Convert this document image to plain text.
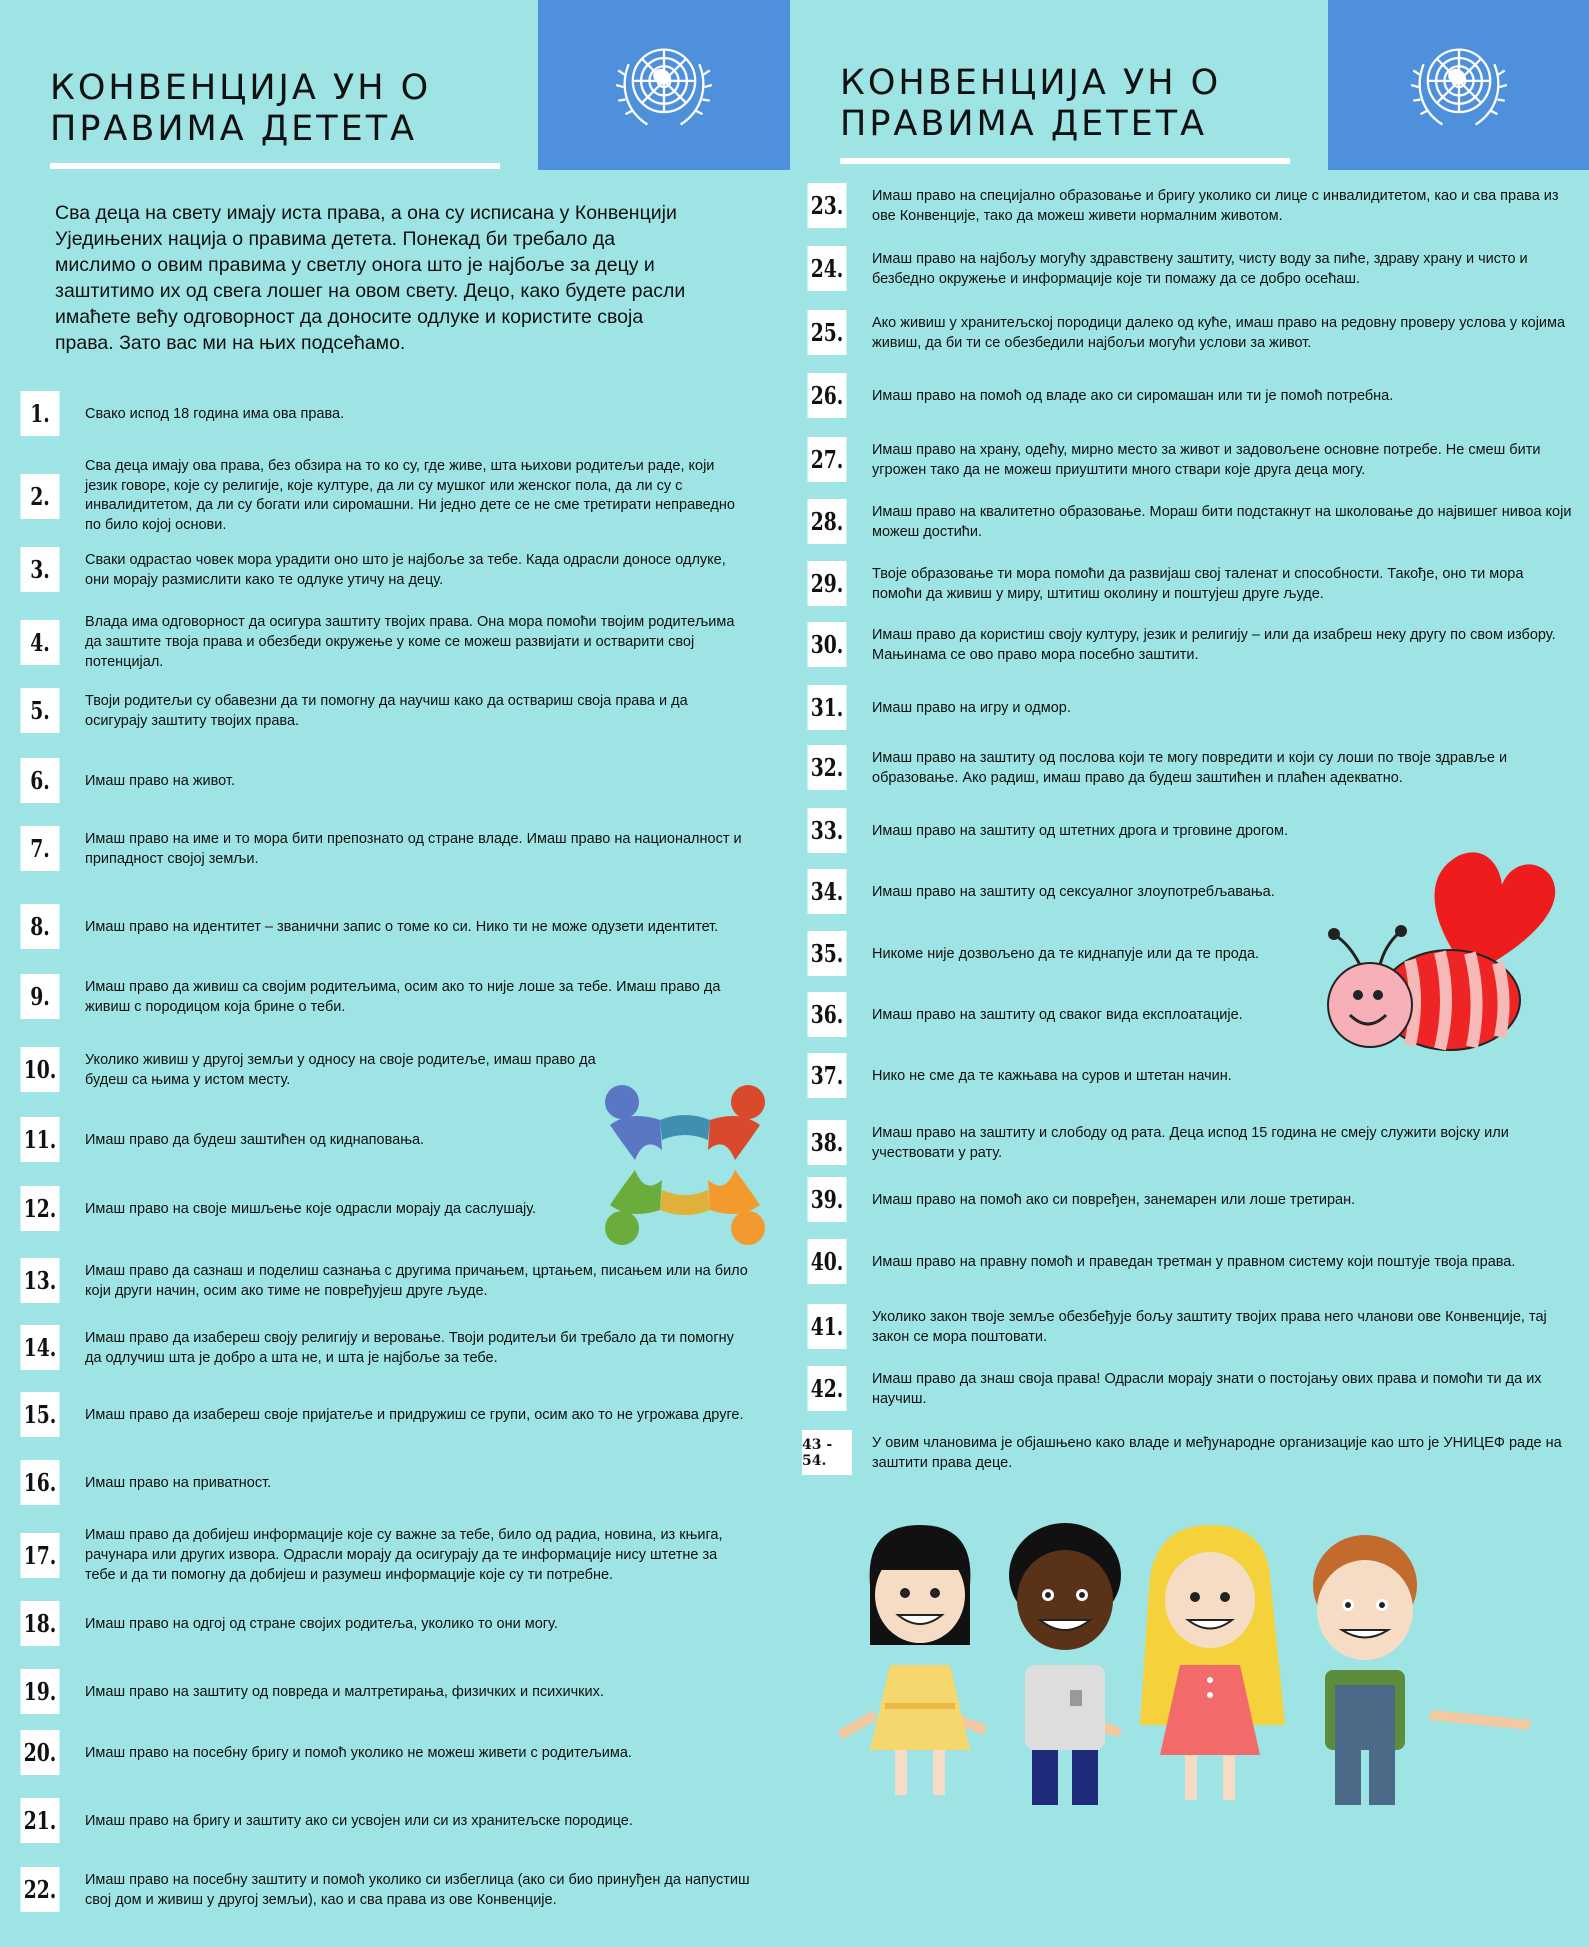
КОНВЕНЦИЈА УН О
ПРАВИМА ДЕТЕТА
Сва деца на свету имају иста права, а она су исписана у Конвенцији Уједињених нација о правима детета. Понекад би требало да мислимо о овим правима у светлу онога што је најбоље за децу и заштитимо их од свега лошег на овом свету. Децо, како будете расли имаћете већу одговорност да доносите одлуке и користите своја права. Зато вас ми на њих подсећамо.
1.	Свако испод 18 година има ова права.
2.
Сва деца имају ова права, без обзира на то ко су, где живе, шта њихови родитељи раде, који језик говоре, које су религије, које културе, да ли су мушког или женског пола, да ли су с инвалидитетом, да ли су богати или сиромашни. Ни једно дете се не сме третирати неправедно по било којој основи.
3.	Сваки одрастао човек мора урадити оно што је најбоље за тебе. Када одрасли доносе одлуке, они морају размислити како те одлуке утичу на децу.
4.
Влада има одговорност да осигура заштиту твојих права. Она мора помоћи твојим родитељима да заштите твоја права и обезбеди окружење у коме се можеш развијати и остварити свој потенцијал.
5.	Твоји родитељи су обавезни да ти помогну да научиш како да оствариш своја права и да осигурају заштиту твојих права.
6.	Имаш право на живот.
7.	Имаш право на име и то мора бити препознато од стране владе. Имаш право на националност и припадност својој земљи.
8.	Имаш право на идентитет – званични запис о томе ко си. Нико ти не може одузети идентитет.
9.	Имаш право да живиш са својим родитељима, осим ако то није лоше за тебе. Имаш право да живиш с породицом која брине о теби.
10. Уколико живиш у другој земљи у односу на своје родитеље, имаш право да будеш са њима у истом месту.
11. Имаш право да будеш заштићен од киднаповања.
12. Имаш право на своје мишљење које одрасли морају да саслушају.
13. Имаш право да сазнаш и поделиш сазнања с другима причањем, цртањем, писањем или на било који други начин, осим ако тиме не повређујеш друге људе.
14. Имаш право да изабереш своју религију и веровање. Твоји родитељи би требало да ти помогну да одлучиш шта је добро а шта не, и шта је најбоље за тебе.
15. Имаш право да изабереш своје пријатеље и придружиш се групи, осим ако то не угрожава друге.
16. Имаш право на приватност.
17.
Имаш право да добијеш информације које су важне за тебе, било од радиа, новина, из књига, рачунара или других извора. Одрасли морају да осигурају да те информације нису штетне за тебе и да ти помогну да добијеш и разумеш информације које су ти потребне.
18. Имаш право на одгој од стране својих родитеља, уколико то они могу.
19. Имаш право на заштиту од повреда и малтретирања, физичких и психичких.
20. Имаш право на посебну бригу и помоћ уколико не можеш живети с родитељима.
21. Имаш право на бригу и заштиту ако си усвојен или си из хранитељске породице.
22. Имаш право на посебну заштиту и помоћ уколико си избеглица (ако си био принуђен да напустиш свој дом и живиш у другој земљи), као и сва права из ове Конвенције.
КОНВЕНЦИЈА УН О
ПРАВИМА ДЕТЕТА
23. Имаш право на специјално образовање и бригу уколико си лице с инвалидитетом, као и сва права из ове Конвенције, тако да можеш живети нормалним животом.
24. Имаш право на најбољу могућу здравствену заштиту, чисту воду за пиће, здраву храну и чисто и безбедно окружење и информације које ти помажу да се добро осећаш.
25. Ако живиш у хранитељској породици далеко од куће, имаш право на редовну проверу услова у којима живиш, да би ти се обезбедили најбољи могући услови за живот.
26. Имаш право на помоћ од владе ако си сиромашан или ти је помоћ потребна.
27. Имаш право на храну, одећу, мирно место за живот и задовољене основне потребе. Не смеш бити угрожен тако да не можеш приуштити много ствари које друга деца могу.
28. Имаш право на квалитетно образовање. Мораш бити подстакнут на школовање до највишег нивоа који можеш достићи.
29. Твоје образовање ти мора помоћи да развијаш свој таленат и способности. Такође, оно ти мора помоћи да живиш у миру, штитиш околину и поштујеш друге људе.
30. Имаш право да користиш своју културу, језик и религију – или да изабреш неку другу по свом избору. Мањинама се ово право мора посебно заштити.
31. Имаш право на игру и одмор.
32. Имаш право на заштиту од послова који те могу повредити и који су лоши по твоје здравље и образовање. Ако радиш, имаш право да будеш заштићен и плаћен адекватно.
33. Имаш право на заштиту од штетних дрога и трговине дрогом.
34. Имаш право на заштиту од сексуалног злоупотребљавања.
35. Никоме није дозвољено да те киднапује или да те прода.
36. Имаш право на заштиту од сваког вида експлоатације.
37. Нико не сме да те кажњава на суров и штетан начин.
38. Имаш право на заштиту и слободу од рата. Деца испод 15 година не смеју служити војску или учествовати у рату.
39. Имаш право на помоћ ако си повређен, занемарен или лоше третиран.
40. Имаш право на правну помоћ и праведан третман у правном систему који поштује твоја права.
41. Уколико закон твоје земље обезбеђује бољу заштиту твојих права него чланови ове Конвенције, тај закон се мора поштовати.
42. Имаш право да знаш своја права! Одрасли морају знати о постојању ових права и помоћи ти да их научиш.
43 - 54.
У овим члановима је објашњено како владе и међународне организације као што је УНИЦЕФ раде на заштити права деце.
